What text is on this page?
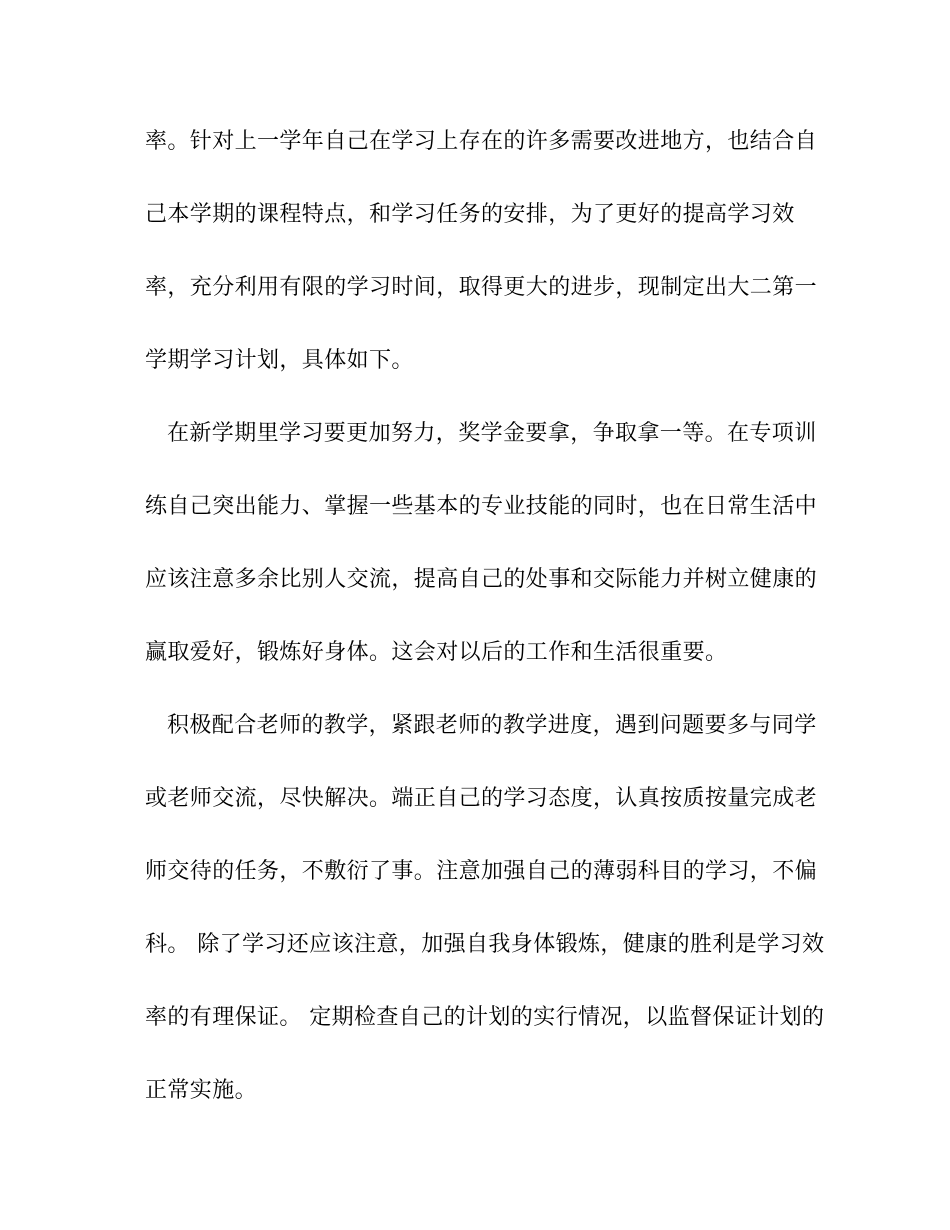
率。针对上一学年自己在学习上存在的许多需要改进地方，也结合自
己本学期的课程特点，和学习任务的安排，为了更好的提高学习效
率，充分利用有限的学习时间，取得更大的进步，现制定出大二第一
学期学习计划，具体如下。
在新学期里学习要更加努力，奖学金要拿，争取拿一等。在专项训
练自己突出能力、掌握一些基本的专业技能的同时，也在日常生活中
应该注意多余比别人交流，提高自己的处事和交际能力并树立健康的
赢取爱好，锻炼好身体。这会对以后的工作和生活很重要。
积极配合老师的教学，紧跟老师的教学进度，遇到问题要多与同学
或老师交流，尽快解决。端正自己的学习态度，认真按质按量完成老
师交待的任务，不敷衍了事。注意加强自己的薄弱科目的学习，不偏
科。 除了学习还应该注意，加强自我身体锻炼，健康的胜利是学习效
率的有理保证。 定期检查自己的计划的实行情况，以监督保证计划的
正常实施。
